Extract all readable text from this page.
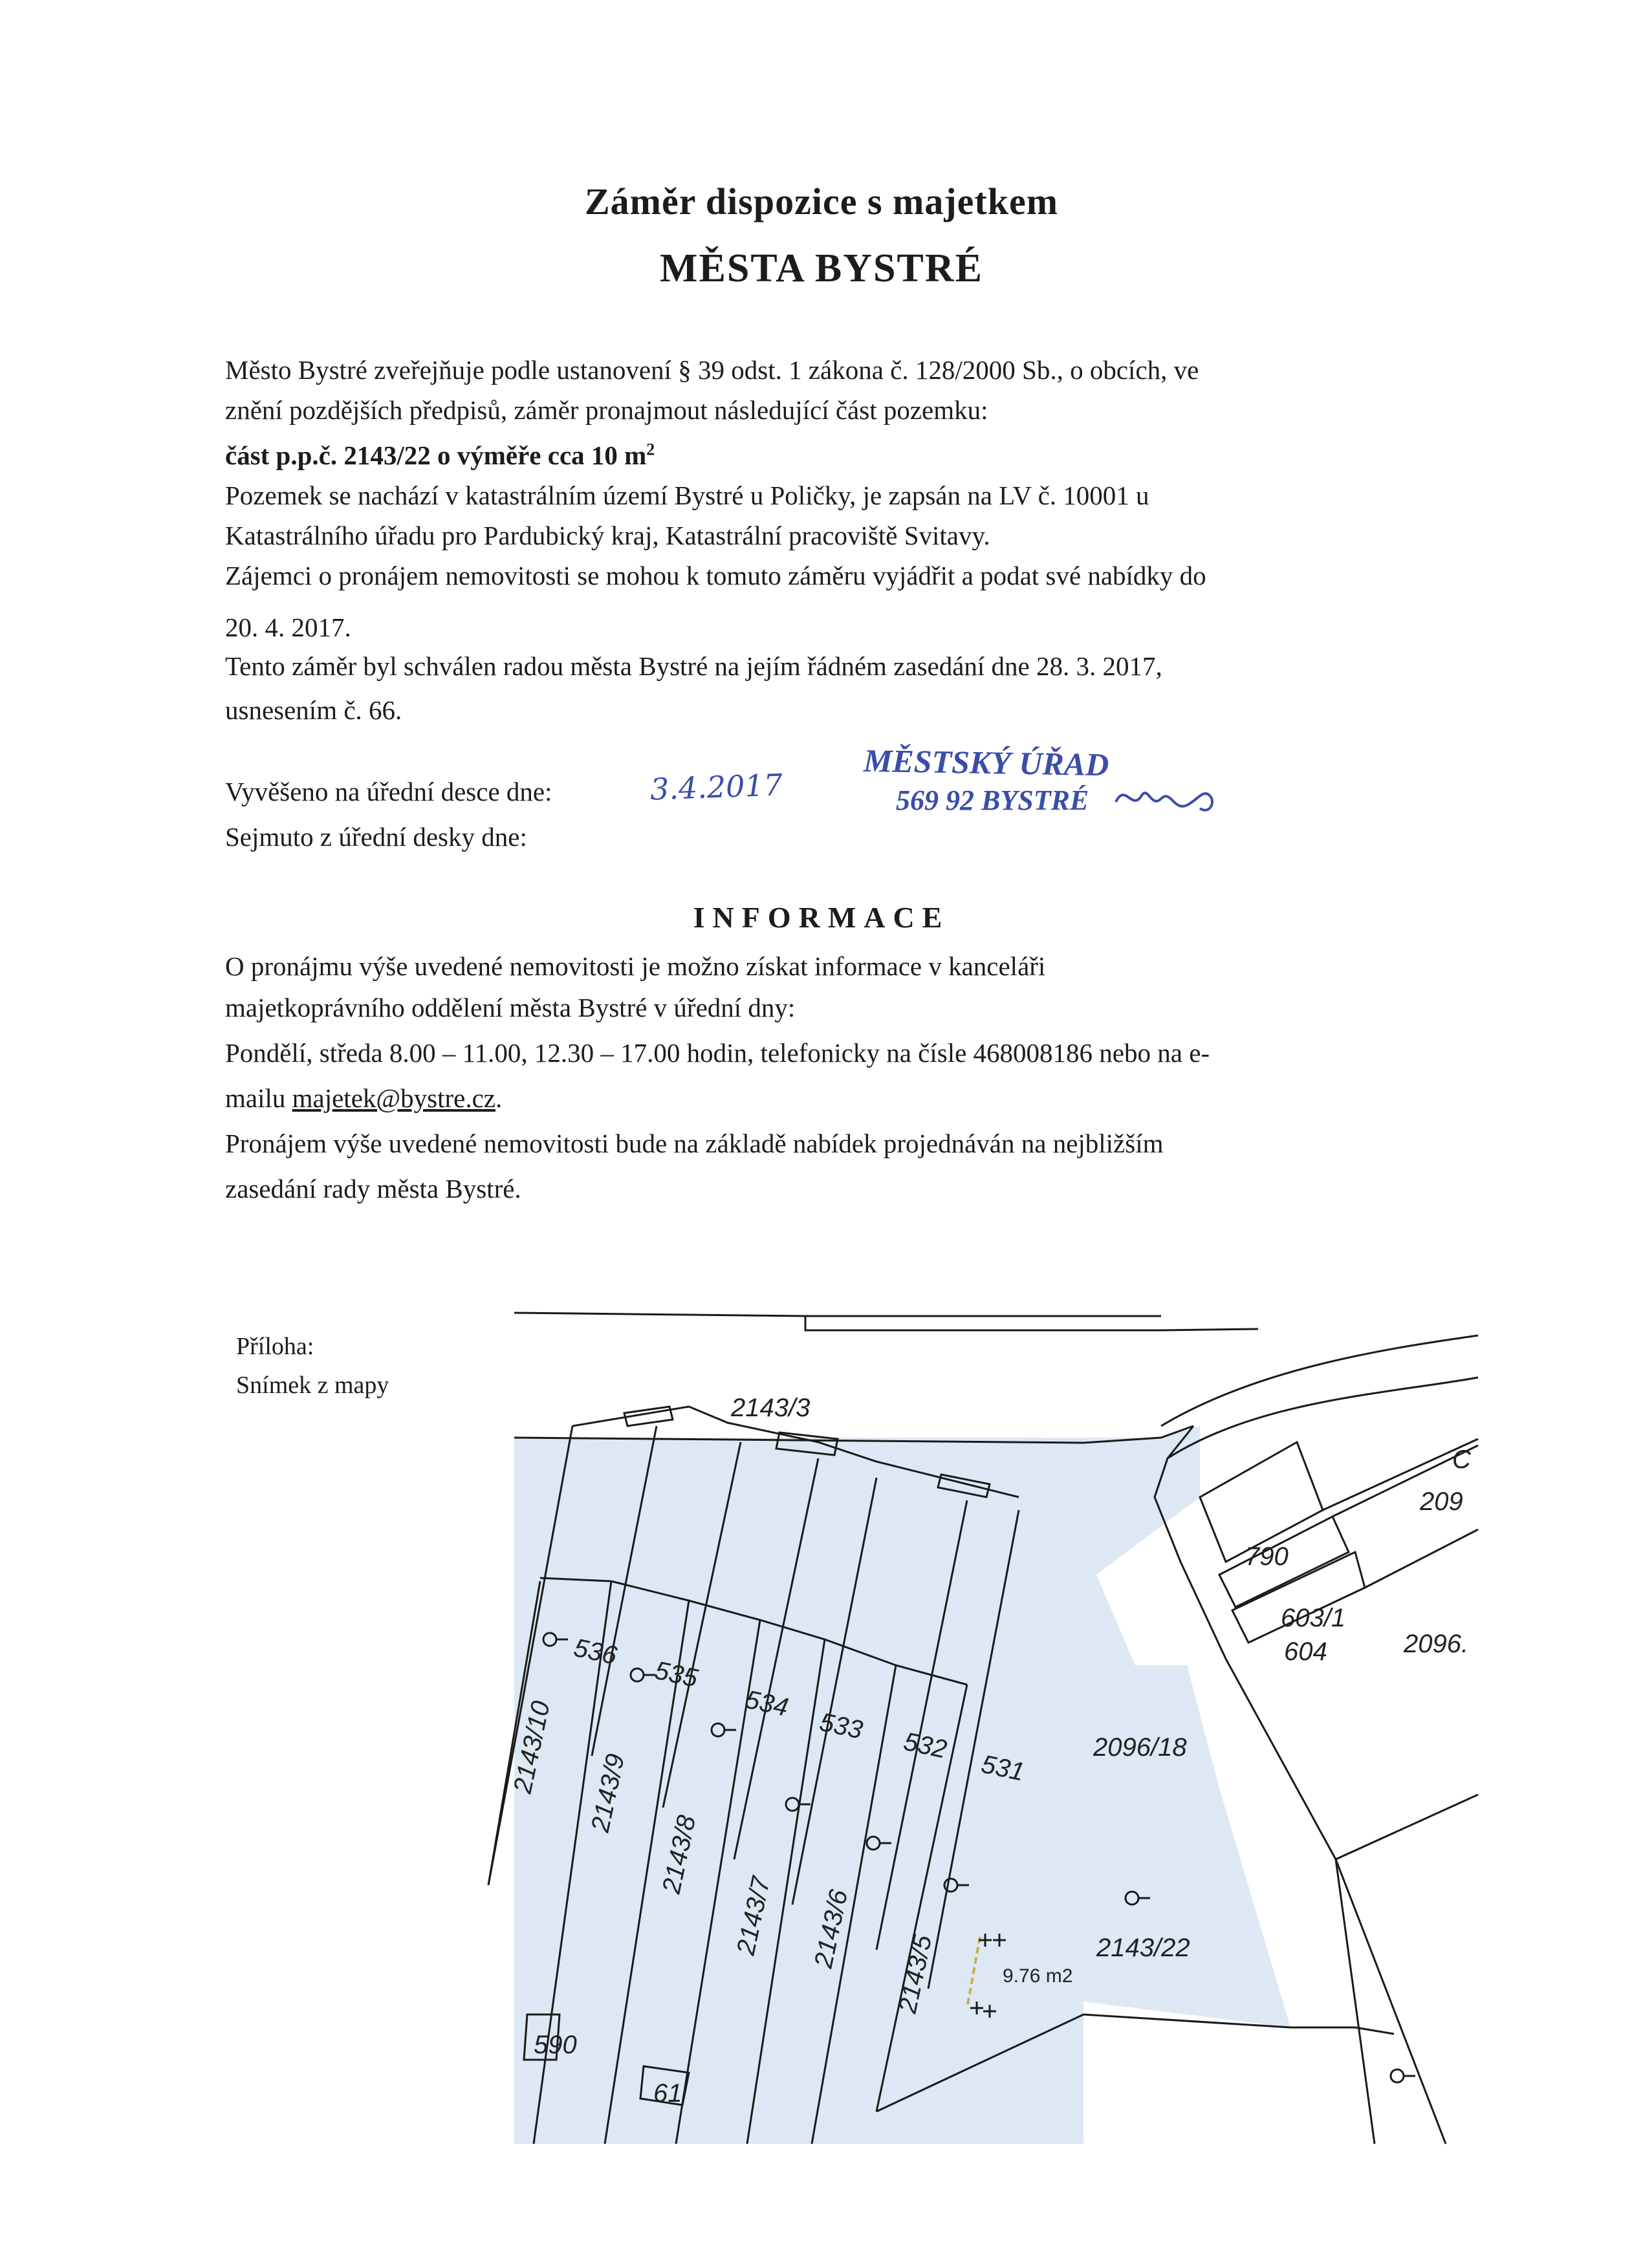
Záměr dispozice s majetkem
MĚSTA BYSTRÉ
Město Bystré zveřejňuje podle ustanovení § 39 odst. 1 zákona č. 128/2000 Sb., o obcích, ve
znění pozdějších předpisů, záměr pronajmout následující část pozemku:
část p.p.č. 2143/22 o výměře cca 10 $m^2$
Pozemek se nachází v katastrálním území Bystré u Poličky, je zapsán na LV č. 10001 u
Katastrálního úřadu pro Pardubický kraj, Katastrální pracoviště Svitavy.
Zájemci o pronájem nemovitosti se mohou k tomuto záměru vyjádřit a podat své nabídky do
20. 4. 2017.
Tento záměr byl schválen radou města Bystré na jejím řádném zasedání dne 28. 3. 2017,
usnesením č. 66.
Vyvěšeno na úřední desce dne:	3.4.2017
Sejmuto z úřední desky dne:
MĚSTSKÝ ÚŘAD
569 92 BYSTRÉ
INFORMACE
O pronájmu výše uvedené nemovitosti je možno získat informace v kanceláři
majetkoprávního oddělení města Bystré v úřední dny:
Pondělí, středa 8.00 – 11.00, 12.30 – 17.00 hodin, telefonicky na čísle 468008186 nebo na e-
mailu majetek@bystre.cz.
Pronájem výše uvedené nemovitosti bude na základě nabídek projednáván na nejbližším
zasedání rady města Bystré.
Příloha:
Snímek z mapy
2143/3
790
603/1
604	2096.
209
C
2096/18
536
535
534
533
532
531
2143/10 2143/9
2143/8
2143/7 2143/6
2143/5
590
61
2143/22
9.76 m2
